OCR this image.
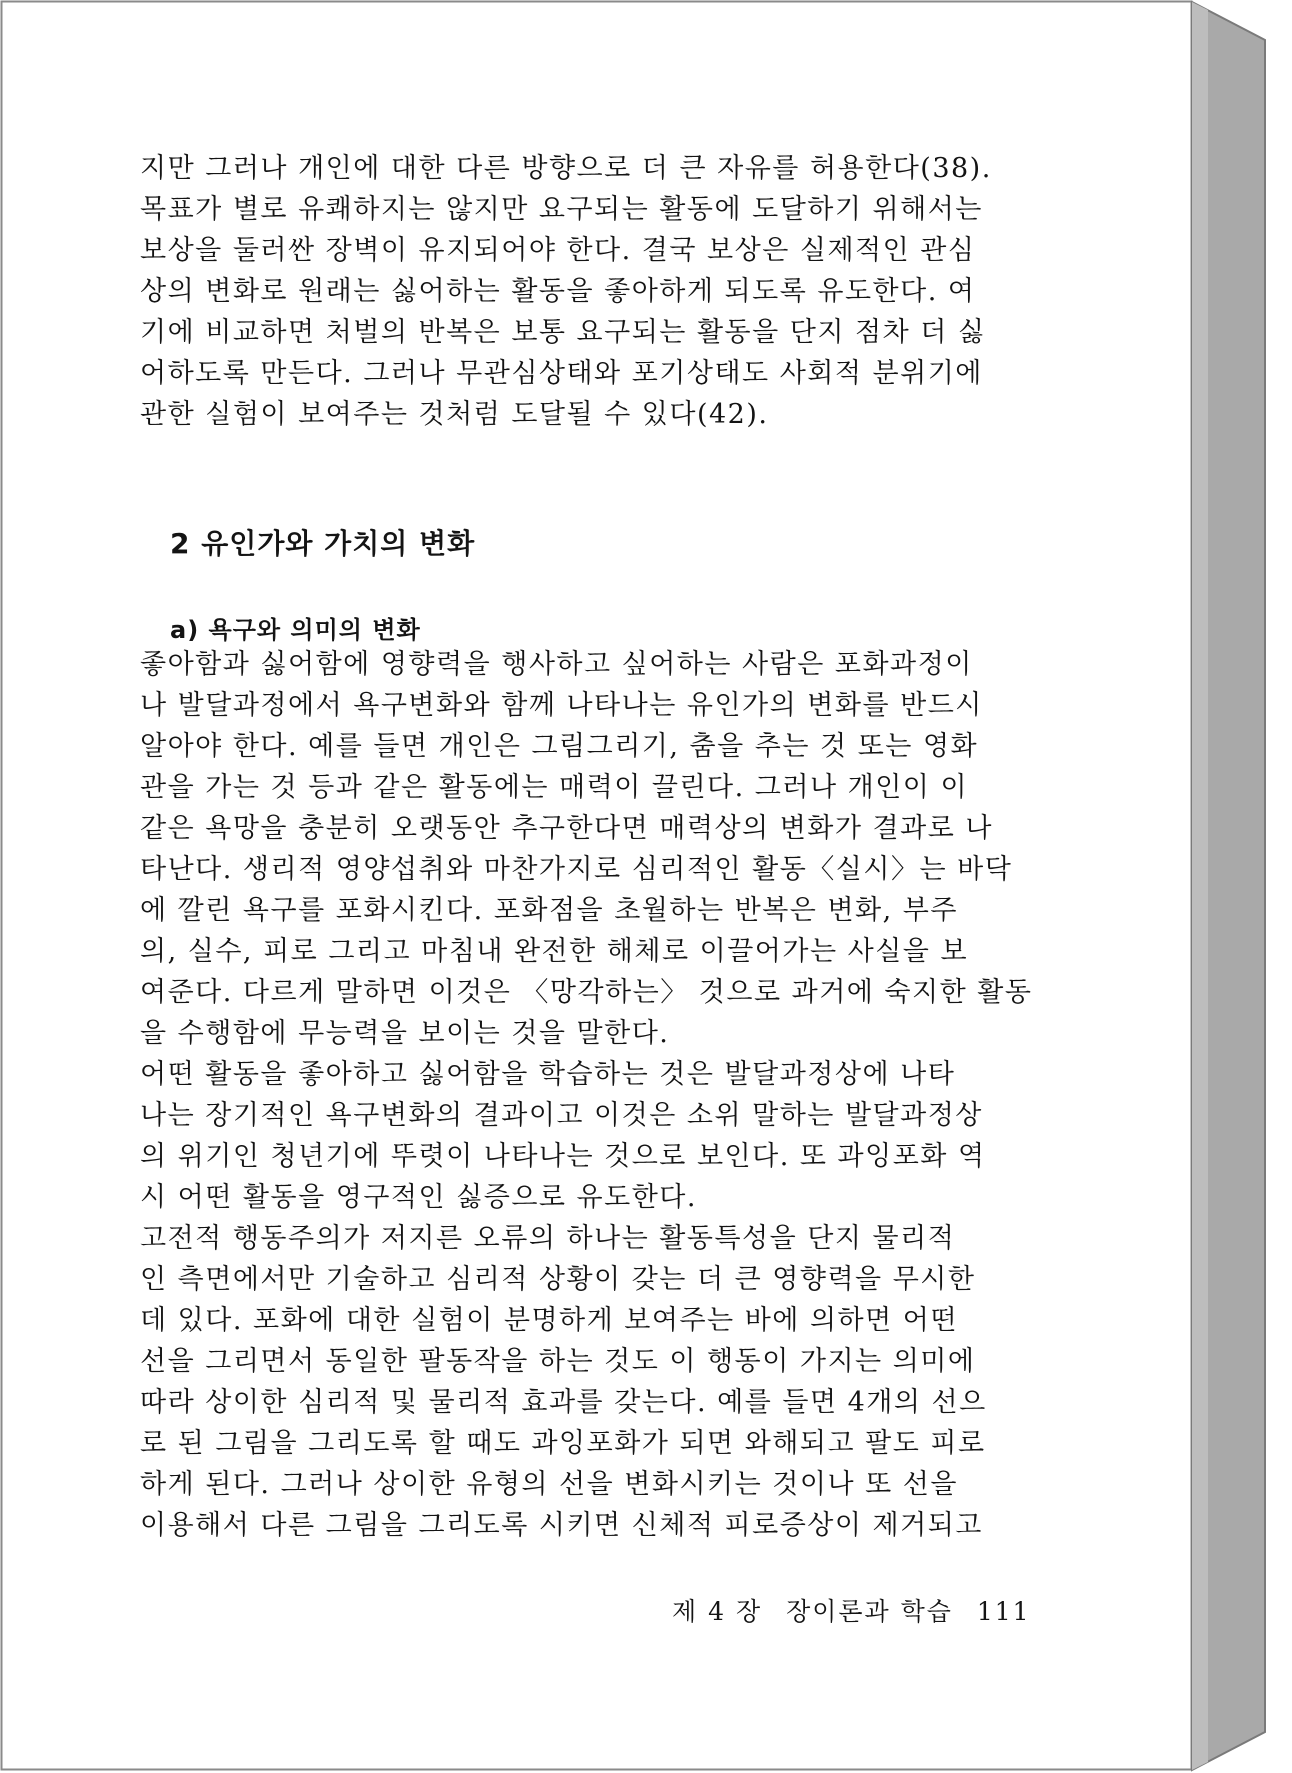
지만 그러나 개인에 대한 다른 방향으로 더 큰 자유를 허용한다(38).
목표가 별로 유쾌하지는 않지만 요구되는 활동에 도달하기 위해서는
보상을 둘러싼 장벽이 유지되어야 한다. 결국 보상은 실제적인 관심
상의 변화로 원래는 싫어하는 활동을 좋아하게 되도록 유도한다. 여
기에 비교하면 처벌의 반복은 보통 요구되는 활동을 단지 점차 더 싫
어하도록 만든다. 그러나 무관심상태와 포기상태도 사회적 분위기에
관한 실험이 보여주는 것처럼 도달될 수 있다(42).
2 유인가와 가치의 변화
a) 욕구와 의미의 변화
좋아함과 싫어함에 영향력을 행사하고 싶어하는 사람은 포화과정이
나 발달과정에서 욕구변화와 함께 나타나는 유인가의 변화를 반드시
알아야 한다. 예를 들면 개인은 그림그리기, 춤을 추는 것 또는 영화
관을 가는 것 등과 같은 활동에는 매력이 끌린다. 그러나 개인이 이
같은 욕망을 충분히 오랫동안 추구한다면 매력상의 변화가 결과로 나
타난다. 생리적 영양섭취와 마찬가지로 심리적인 활동〈실시〉는 바닥
에 깔린 욕구를 포화시킨다. 포화점을 초월하는 반복은 변화, 부주
의, 실수, 피로 그리고 마침내 완전한 해체로 이끌어가는 사실을 보
여준다. 다르게 말하면 이것은 〈망각하는〉 것으로 과거에 숙지한 활동
을 수행함에 무능력을 보이는 것을 말한다.
어떤 활동을 좋아하고 싫어함을 학습하는 것은 발달과정상에 나타
나는 장기적인 욕구변화의 결과이고 이것은 소위 말하는 발달과정상
의 위기인 청년기에 뚜렷이 나타나는 것으로 보인다. 또 과잉포화 역
시 어떤 활동을 영구적인 싫증으로 유도한다.
고전적 행동주의가 저지른 오류의 하나는 활동특성을 단지 물리적
인 측면에서만 기술하고 심리적 상황이 갖는 더 큰 영향력을 무시한
데 있다. 포화에 대한 실험이 분명하게 보여주는 바에 의하면 어떤
선을 그리면서 동일한 팔동작을 하는 것도 이 행동이 가지는 의미에
따라 상이한 심리적 및 물리적 효과를 갖는다. 예를 들면 4개의 선으
로 된 그림을 그리도록 할 때도 과잉포화가 되면 와해되고 팔도 피로
하게 된다. 그러나 상이한 유형의 선을 변화시키는 것이나 또 선을
이용해서 다른 그림을 그리도록 시키면 신체적 피로증상이 제거되고
제 4 장 장이론과 학습 111
